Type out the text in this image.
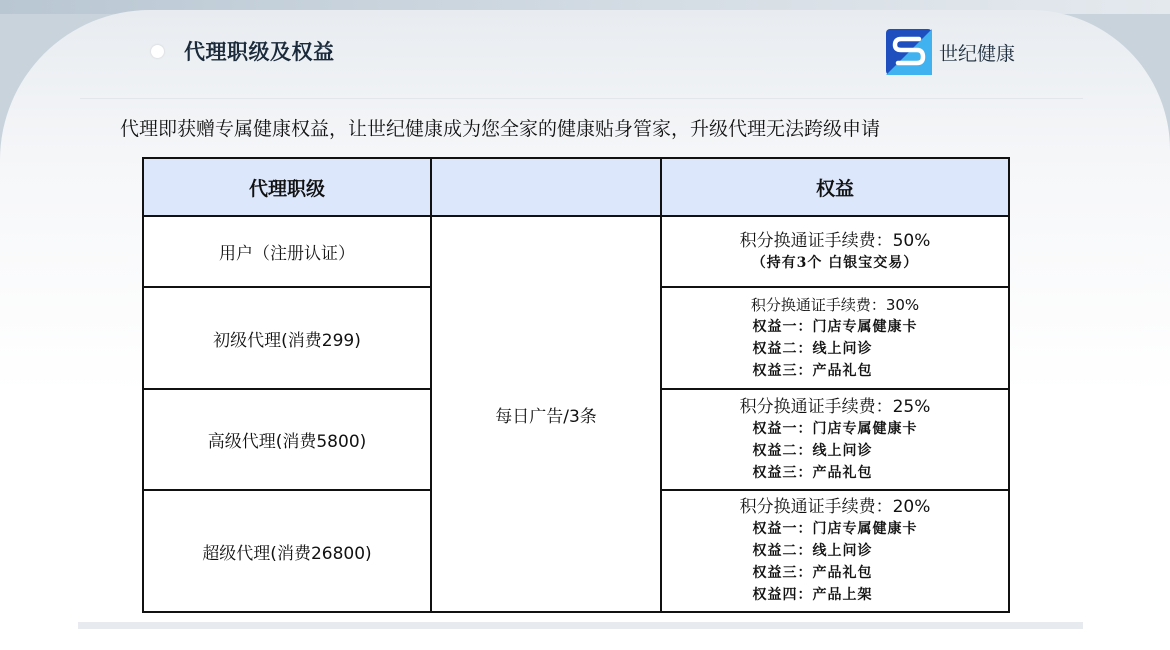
代理职级及权益	世纪健康
代理即获赠专属健康权益，让世纪健康成为您全家的健康贴身管家，升级代理无法跨级申请
代理职级		权益
用户（注册认证）	每日广告/3条	积分换通证手续费：50%
（持有3个 白银宝交易）

初级代理(消费299)		积分换通证手续费：30%
权益一：门店专属健康卡
权益二：线上问诊
权益三：产品礼包

高级代理(消费5800)		积分换通证手续费：25%
权益一：门店专属健康卡
权益二：线上问诊
权益三：产品礼包

超级代理(消费26800)		积分换通证手续费：20%
权益一：门店专属健康卡
权益二：线上问诊
权益三：产品礼包
权益四：产品上架
